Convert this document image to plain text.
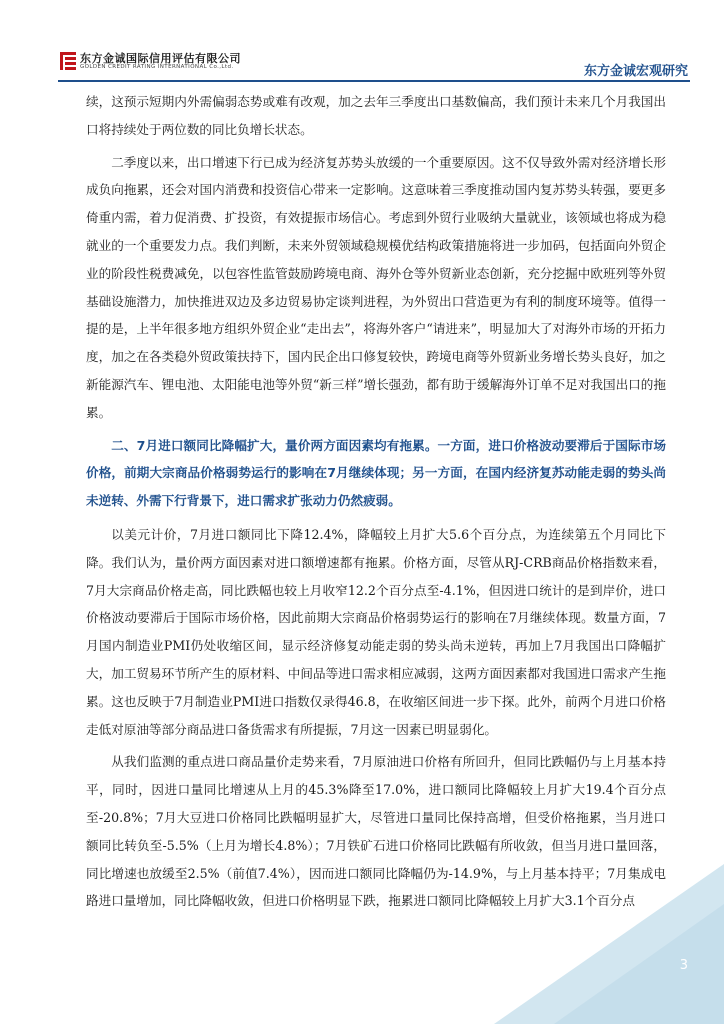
东方金诚国际信用评估有限公司
GOLDEN CREDIT RATING INTERNATIONAL Co.,Ltd.	东方金诚宏观研究

续，这预示短期内外需偏弱态势或难有改观，加之去年三季度出口基数偏高，我们预计未来几个月我国出口将持续处于两位数的同比负增长状态。

二季度以来，出口增速下行已成为经济复苏势头放缓的一个重要原因。这不仅导致外需对经济增长形成负向拖累，还会对国内消费和投资信心带来一定影响。这意味着三季度推动国内复苏势头转强，要更多倚重内需，着力促消费、扩投资，有效提振市场信心。考虑到外贸行业吸纳大量就业，该领域也将成为稳就业的一个重要发力点。我们判断，未来外贸领域稳规模优结构政策措施将进一步加码，包括面向外贸企业的阶段性税费减免，以包容性监管鼓励跨境电商、海外仓等外贸新业态创新，充分挖掘中欧班列等外贸基础设施潜力，加快推进双边及多边贸易协定谈判进程，为外贸出口营造更为有利的制度环境等。值得一提的是，上半年很多地方组织外贸企业“走出去”，将海外客户“请进来”，明显加大了对海外市场的开拓力度，加之在各类稳外贸政策扶持下，国内民企出口修复较快，跨境电商等外贸新业务增长势头良好，加之新能源汽车、锂电池、太阳能电池等外贸“新三样”增长强劲，都有助于缓解海外订单不足对我国出口的拖累。

二、7月进口额同比降幅扩大，量价两方面因素均有拖累。一方面，进口价格波动要滞后于国际市场价格，前期大宗商品价格弱势运行的影响在7月继续体现；另一方面，在国内经济复苏动能走弱的势头尚未逆转、外需下行背景下，进口需求扩张动力仍然疲弱。

以美元计价，7月进口额同比下降12.4%，降幅较上月扩大5.6个百分点，为连续第五个月同比下降。我们认为，量价两方面因素对进口额增速都有拖累。价格方面，尽管从RJ-CRB商品价格指数来看，7月大宗商品价格走高，同比跌幅也较上月收窄12.2个百分点至-4.1%，但因进口统计的是到岸价，进口价格波动要滞后于国际市场价格，因此前期大宗商品价格弱势运行的影响在7月继续体现。数量方面，7月国内制造业PMI仍处收缩区间，显示经济修复动能走弱的势头尚未逆转，再加上7月我国出口降幅扩大，加工贸易环节所产生的原材料、中间品等进口需求相应减弱，这两方面因素都对我国进口需求产生拖累。这也反映于7月制造业PMI进口指数仅录得46.8，在收缩区间进一步下探。此外，前两个月进口价格走低对原油等部分商品进口备货需求有所提振，7月这一因素已明显弱化。

从我们监测的重点进口商品量价走势来看，7月原油进口价格有所回升，但同比跌幅仍与上月基本持平，同时，因进口量同比增速从上月的45.3%降至17.0%，进口额同比降幅较上月扩大19.4个百分点至-20.8%；7月大豆进口价格同比跌幅明显扩大，尽管进口量同比保持高增，但受价格拖累，当月进口额同比转负至-5.5%（上月为增长4.8%）；7月铁矿石进口价格同比跌幅有所收敛，但当月进口量回落，同比增速也放缓至2.5%（前值7.4%），因而进口额同比降幅仍为-14.9%，与上月基本持平；7月集成电路进口量增加，同比降幅收敛，但进口价格明显下跌，拖累进口额同比降幅较上月扩大3.1个百分点

3
